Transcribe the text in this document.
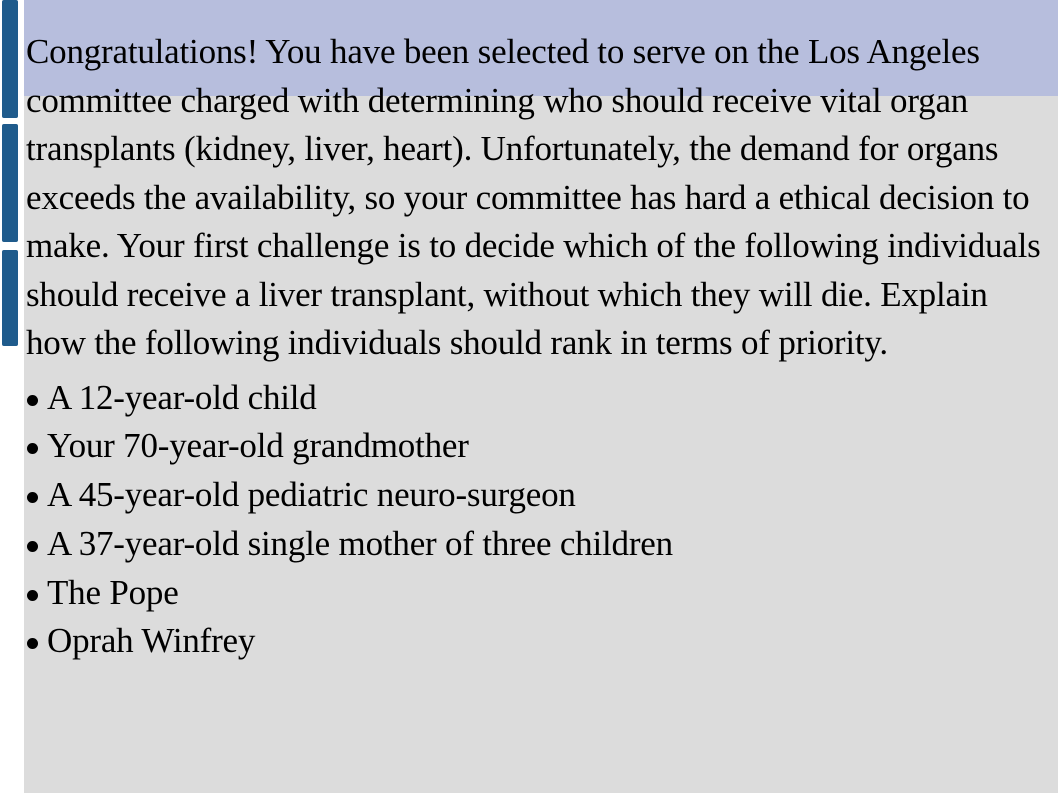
Congratulations! You have been selected to serve on the Los Angeles committee charged with determining who should receive vital organ transplants (kidney, liver, heart). Unfortunately, the demand for organs exceeds the availability, so your committee has hard a ethical decision to make. Your first challenge is to decide which of the following individuals should receive a liver transplant, without which they will die. Explain how the following individuals should rank in terms of priority.

A 12-year-old child
Your 70-year-old grandmother
A 45-year-old pediatric neuro-surgeon
A 37-year-old single mother of three children
The Pope
Oprah Winfrey
